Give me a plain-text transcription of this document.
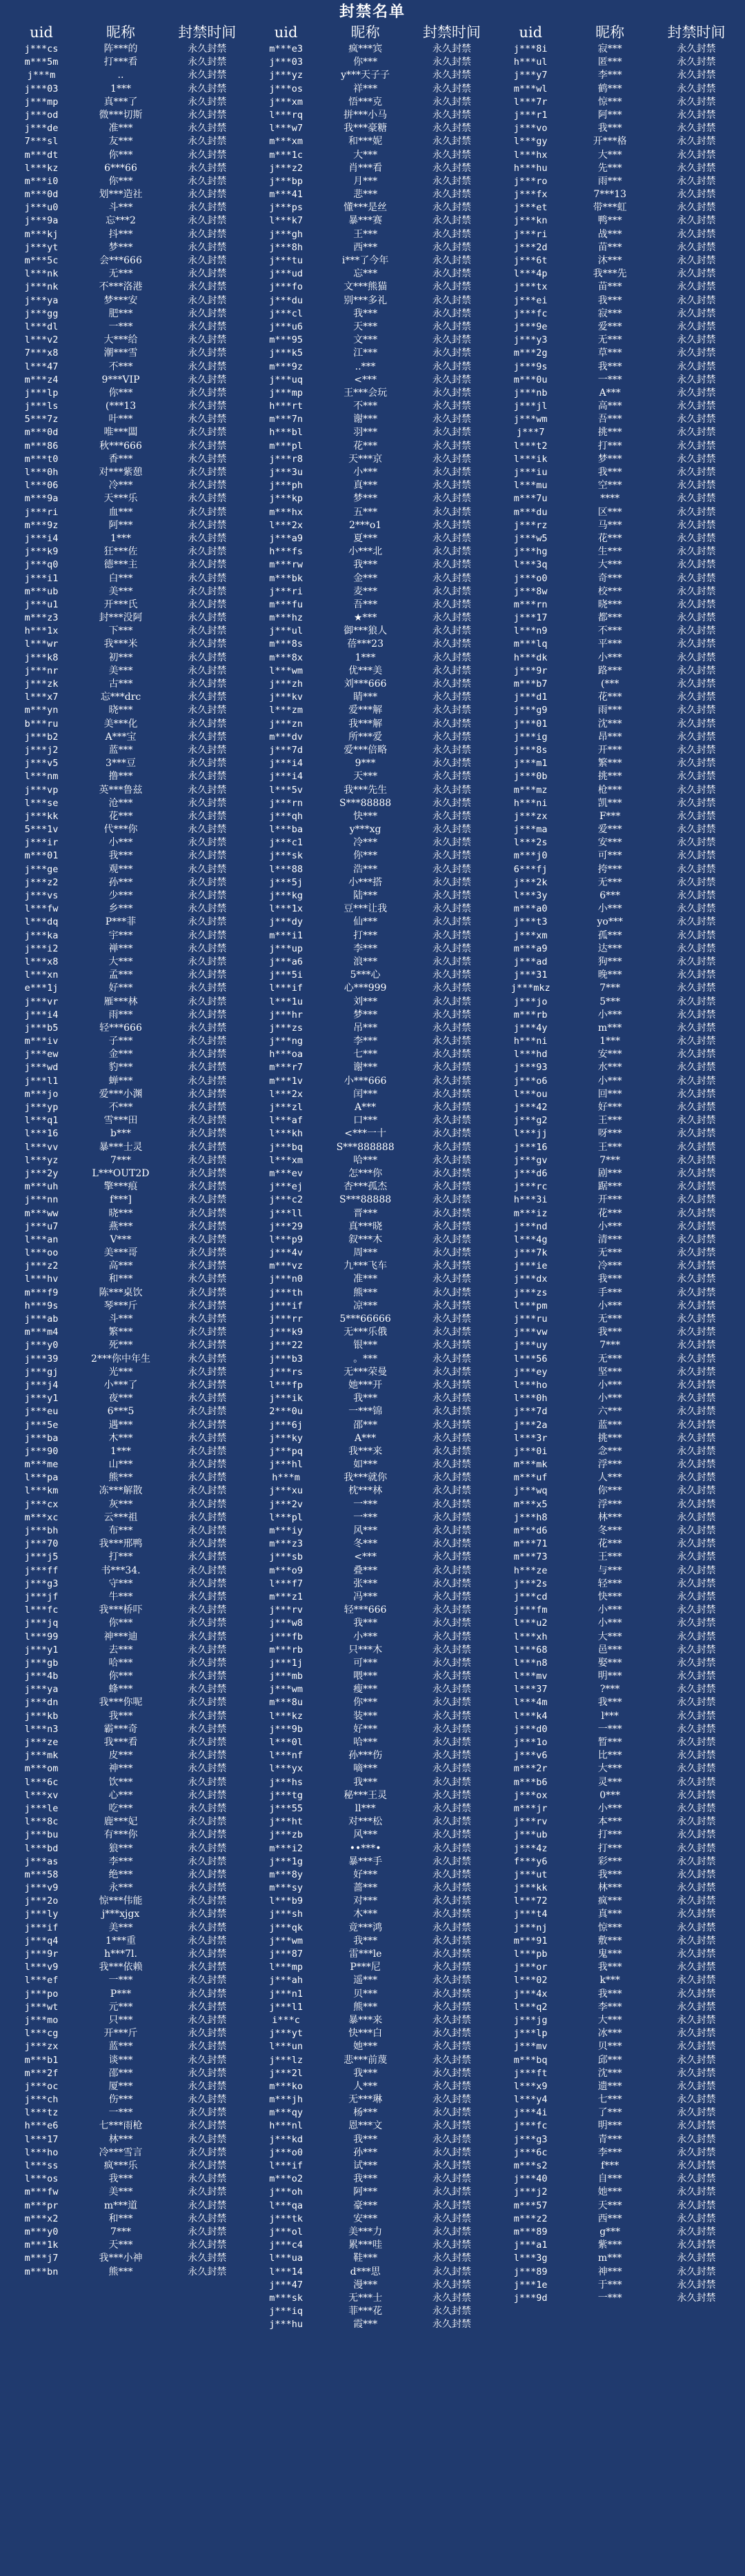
封禁名单
uid	昵称	封禁时间
j***cs	阵***的	永久封禁
m***5m	打***看	永久封禁
j***m	..	永久封禁
j***03	1***	永久封禁
j***mp	真***了	永久封禁
j***od	微***切斯	永久封禁
j***de	准***	永久封禁
7***sl	友***	永久封禁
m***dt	你***	永久封禁
l***kz	6***66	永久封禁
m***i0	你***	永久封禁
m***0d	划***造社	永久封禁
j***u0	斗***	永久封禁
j***9a	忘***2	永久封禁
m***kj	抖***	永久封禁
j***yt	梦***	永久封禁
m***5c	会***666	永久封禁
l***nk	无***	永久封禁
j***nk	不***洛港	永久封禁
j***ya	梦***安	永久封禁
j***gg	肥***	永久封禁
l***dl	一***	永久封禁
l***v2	大***给	永久封禁
7***x8	潮***雪	永久封禁
l***47	不***	永久封禁
m***z4	9***VIP	永久封禁
j***lp	你***	永久封禁
j***ls	(***13	永久封禁
5***7z	叶***	永久封禁
m***0d	唯***闆	永久封禁
m***86	秋***666	永久封禁
m***t0	香***	永久封禁
l***0h	对***紫憩	永久封禁
l***06	冷***	永久封禁
m***9a	天***乐	永久封禁
j***ri	血***	永久封禁
m***9z	阿***	永久封禁
j***i4	1***	永久封禁
j***k9	狂***佐	永久封禁
j***q0	德***主	永久封禁
j***i1	白***	永久封禁
m***ub	美***	永久封禁
j***u1	开***氏	永久封禁
m***z3	封***没阿	永久封禁
h***1x	下***	永久封禁
l***wr	我***米	永久封禁
j***k8	初***	永久封禁
j***nr	美***	永久封禁
j***zk	古***	永久封禁
l***x7	忘***drc	永久封禁
m***yn	晓***	永久封禁
b***ru	美***化	永久封禁
j***b2	A***宝	永久封禁
j***j2	蓝***	永久封禁
j***v5	3***豆	永久封禁
l***nm	撸***	永久封禁
j***vp	英***鲁兹	永久封禁
l***se	沧***	永久封禁
j***kk	花***	永久封禁
5***1v	代***你	永久封禁
j***ir	小***	永久封禁
m***01	我***	永久封禁
j***ge	观***	永久封禁
j***z2	孙***	永久封禁
j***vs	少***	永久封禁
l***fw	乡***	永久封禁
l***dq	P***菲	永久封禁
j***ka	宇***	永久封禁
j***i2	禅***	永久封禁
l***x8	大***	永久封禁
l***xn	孟***	永久封禁
e***1j	好***	永久封禁
j***vr	雁***林	永久封禁
j***i4	雨***	永久封禁
j***b5	轻***666	永久封禁
m***iv	子***	永久封禁
j***ew	金***	永久封禁
j***wd	豹***	永久封禁
j***l1	蝉***	永久封禁
m***jo	爱***小渊	永久封禁
j***yp	不***	永久封禁
l***q1	雪***田	永久封禁
l***16	b***	永久封禁
l***vv	暴***士灵	永久封禁
l***yz	7***	永久封禁
j***2y	L***OUT2D	永久封禁
m***uh	擎***痕	永久封禁
j***nn	f***]	永久封禁
m***ww	晓***	永久封禁
j***u7	燕***	永久封禁
l***an	V***	永久封禁
l***oo	美***哥	永久封禁
j***z2	高***	永久封禁
l***hv	和***	永久封禁
m***f9	陈***桌饮	永久封禁
h***9s	琴***斤	永久封禁
j***ab	斗***	永久封禁
m***m4	繁***	永久封禁
j***y0	死***	永久封禁
j***39	2***你中年生	永久封禁
j***gj	光***	永久封禁
j***j4	小***了	永久封禁
j***y1	夜***	永久封禁
j***eu	6***5	永久封禁
j***5e	遇***	永久封禁
j***ba	木***	永久封禁
j***90	1***	永久封禁
m***me	山***	永久封禁
l***pa	熊***	永久封禁
l***km	冻***解散	永久封禁
j***cx	灰***	永久封禁
m***xc	云***祖	永久封禁
j***bh	布***	永久封禁
j***70	我***邢鸭	永久封禁
j***j5	打***	永久封禁
j***ff	书***34.	永久封禁
j***g3	守***	永久封禁
j***jf	牛***	永久封禁
l***fc	我***桥吓	永久封禁
j***jq	你***	永久封禁
l***99	神***迪	永久封禁
j***y1	去***	永久封禁
j***gb	哈***	永久封禁
j***4b	你***	永久封禁
j***ya	蜂***	永久封禁
j***dn	我***你呢	永久封禁
j***kb	我***	永久封禁
l***n3	霸***奇	永久封禁
j***ze	我***看	永久封禁
j***mk	皮***	永久封禁
m***om	神***	永久封禁
l***6c	饮***	永久封禁
l***xv	心***	永久封禁
j***le	吃***	永久封禁
l***8c	鹿***妃	永久封禁
j***bu	有***你	永久封禁
l***bd	狼***	永久封禁
j***as	李***	永久封禁
m***58	绝***	永久封禁
j***v9	永***	永久封禁
j***2o	惊***伟能	永久封禁
j***ly	j***xjgx	永久封禁
j***if	美***	永久封禁
j***q4	1***重	永久封禁
j***9r	h***7l.	永久封禁
l***v9	我***依赖	永久封禁
l***ef	一***	永久封禁
j***po	P***	永久封禁
j***wt	元***	永久封禁
j***mo	只***	永久封禁
l***cg	开***斤	永久封禁
j***zx	蓝***	永久封禁
m***b1	谈***	永久封禁
m***2f	邵***	永久封禁
j***oc	厦***	永久封禁
j***ch	伤***	永久封禁
l***tz	一***	永久封禁
h***e6	七***雨枪	永久封禁
l***17	林***	永久封禁
l***ho	冷***雪言	永久封禁
l***ss	疯***乐	永久封禁
l***os	我***	永久封禁
m***fw	美***	永久封禁
m***pr	m***道	永久封禁
m***x2	和***	永久封禁
m***y0	7***	永久封禁
m***1k	天***	永久封禁
m***j7	我***小神	永久封禁
m***bn	熊***	永久封禁
uid	昵称	封禁时间
m***e3	疯***宾	永久封禁
j***03	你***	永久封禁
j***yz	y***天子子	永久封禁
j***os	祥***	永久封禁
j***xm	悟***克	永久封禁
l***rq	拼***小马	永久封禁
l***w7	我***豪糖	永久封禁
m***xm	和***妮	永久封禁
m***1c	大***	永久封禁
j***z2	肖***看	永久封禁
j***bp	月***	永久封禁
m***41	悲***	永久封禁
j***ps	懂***是丝	永久封禁
l***k7	暴***赛	永久封禁
j***gh	王***	永久封禁
j***8h	西***	永久封禁
j***tu	i***了今年	永久封禁
j***ud	忘***	永久封禁
j***fo	文***熊猫	永久封禁
j***du	别***多礼	永久封禁
j***cl	我***	永久封禁
j***u6	天***	永久封禁
m***95	文***	永久封禁
j***k5	江***	永久封禁
m***9z	..***	永久封禁
j***uq	<***	永久封禁
j***mp	王***会玩	永久封禁
h***rt	不***	永久封禁
m***7n	谢***	永久封禁
h***bl	羽***	永久封禁
m***pl	花***	永久封禁
j***r8	天***京	永久封禁
j***3u	小***	永久封禁
j***ph	真***	永久封禁
j***kp	梦***	永久封禁
m***hx	五***	永久封禁
l***2x	2***o1	永久封禁
j***a9	夏***	永久封禁
h***fs	小***北	永久封禁
m***rw	我***	永久封禁
m***bk	金***	永久封禁
j***ri	麦***	永久封禁
m***fu	吾***	永久封禁
m***hz	★***	永久封禁
j***ul	御***狼人	永久封禁
m***8s	蓓***23	永久封禁
m***8x	1***	永久封禁
l***wm	优***美	永久封禁
j***zh	刘***666	永久封禁
j***kv	睛***	永久封禁
l***zm	爱***解	永久封禁
j***zn	我***解	永久封禁
m***dv	所***爱	永久封禁
j***7d	爱***倍略	永久封禁
j***i4	9***	永久封禁
j***i4	天***	永久封禁
l***5v	我***先生	永久封禁
j***rn	S***88888	永久封禁
j***qh	快***	永久封禁
l***ba	y***xg	永久封禁
j***c1	冷***	永久封禁
j***sk	你***	永久封禁
l***88	浩***	永久封禁
j***5j	小***搭	永久封禁
j***kg	陆***	永久封禁
l***1x	豆***让我	永久封禁
j***dy	仙***	永久封禁
m***i1	打***	永久封禁
j***up	李***	永久封禁
j***a6	浪***	永久封禁
j***5i	5***心	永久封禁
l***if	心***999	永久封禁
l***1u	刘***	永久封禁
j***hr	梦***	永久封禁
j***zs	吊***	永久封禁
j***ng	李***	永久封禁
h***oa	七***	永久封禁
m***r7	谢***	永久封禁
m***1v	小***666	永久封禁
l***2x	闰***	永久封禁
j***zl	A***	永久封禁
l***af	口***	永久封禁
l***kh	<***一十	永久封禁
j***bq	S***888888	永久封禁
l***xm	哈***	永久封禁
m***ev	怎***你	永久封禁
j***ej	杏***孤杰	永久封禁
j***c2	S***88888	永久封禁
j***ll	晋***	永久封禁
j***29	真***晓	永久封禁
l***p9	叙***木	永久封禁
j***4v	周***	永久封禁
m***vz	九***飞车	永久封禁
j***n0	准***	永久封禁
j***th	熊***	永久封禁
j***if	凉***	永久封禁
j***rr	5***66666	永久封禁
j***k9	无***乐俄	永久封禁
j***22	银***	永久封禁
j***b3	。***	永久封禁
j***rs	无***荣曼	永久封禁
l***fp	她***开	永久封禁
j***ik	我***	永久封禁
2***0u	一***锦	永久封禁
j***6j	邵***	永久封禁
j***ky	A***	永久封禁
j***pq	我***来	永久封禁
j***hl	如***	永久封禁
h***m	我***就你	永久封禁
j***xu	枕***林	永久封禁
j***2v	一***	永久封禁
l***pl	一***	永久封禁
m***iy	风***	永久封禁
m***z3	冬***	永久封禁
j***sb	<***	永久封禁
m***o9	叠***	永久封禁
l***f7	张***	永久封禁
m***z1	冯***	永久封禁
j***rv	轻***666	永久封禁
j***w8	我***	永久封禁
j***fb	小***	永久封禁
m***rb	只***木	永久封禁
j***1j	可***	永久封禁
j***mb	喂***	永久封禁
j***wm	瘦***	永久封禁
m***8u	你***	永久封禁
l***kz	装***	永久封禁
j***9b	好***	永久封禁
l***0l	哈***	永久封禁
l***nf	孙***伤	永久封禁
l***yx	嘀***	永久封禁
j***hs	我***	永久封禁
j***tg	秘***王灵	永久封禁
j***55	ll***	永久封禁
j***ht	对***松	永久封禁
j***zb	风***	永久封禁
m***i2	••***•	永久封禁
j***1g	暴***手	永久封禁
m***8y	好***	永久封禁
m***sy	蔷***	永久封禁
l***b9	对***	永久封禁
j***sh	木***	永久封禁
j***qk	竟***鸿	永久封禁
j***wm	我***	永久封禁
j***87	雷***le	永久封禁
l***mp	P***尼	永久封禁
j***ah	遥***	永久封禁
j***n1	贝***	永久封禁
j***l1	熊***	永久封禁
i***c	暴***来	永久封禁
j***yt	快***白	永久封禁
l***un	她***	永久封禁
j***lz	悲***前蔑	永久封禁
j***2l	我***	永久封禁
m***ko	人***	永久封禁
m***jh	无***琳	永久封禁
m***qy	杨***	永久封禁
h***nl	恩***文	永久封禁
j***kd	我***	永久封禁
j***o0	孙***	永久封禁
l***if	试***	永久封禁
m***o2	我***	永久封禁
j***oh	阿***	永久封禁
l***qa	豪***	永久封禁
j***tk	安***	永久封禁
j***ol	美***力	永久封禁
j***c4	累***哇	永久封禁
l***ua	鞋***	永久封禁
l***14	d***思	永久封禁
j***47	漫***	永久封禁
m***sk	无***士	永久封禁
j***iq	菲***花	永久封禁
j***hu	霞***	永久封禁
uid	昵称	封禁时间
j***8i	寂***	永久封禁
h***ul	匿***	永久封禁
j***y7	李***	永久封禁
m***wl	鹤***	永久封禁
l***7r	惊***	永久封禁
j***r1	阿***	永久封禁
j***vo	我***	永久封禁
l***gy	开***格	永久封禁
l***hx	大***	永久封禁
h***hu	先***	永久封禁
j***ro	雨***	永久封禁
j***fx	7***13	永久封禁
j***et	带***虹	永久封禁
j***kn	鸭***	永久封禁
j***ri	战***	永久封禁
j***2d	苗***	永久封禁
j***6t	沐***	永久封禁
l***4p	我***先	永久封禁
j***tx	苗***	永久封禁
j***ei	我***	永久封禁
j***fc	寂***	永久封禁
j***9e	爱***	永久封禁
j***y3	无***	永久封禁
m***2g	草***	永久封禁
j***9s	我***	永久封禁
m***0u	一***	永久封禁
j***nb	A***	永久封禁
j***jl	高***	永久封禁
j***wm	吾***	永久封禁
j***7	挑***	永久封禁
l***t2	打***	永久封禁
l***ik	梦***	永久封禁
j***iu	我***	永久封禁
l***mu	空***	永久封禁
m***7u	****	永久封禁
m***du	区***	永久封禁
j***rz	马***	永久封禁
j***w5	花***	永久封禁
j***hg	生***	永久封禁
l***3q	大***	永久封禁
j***o0	奇***	永久封禁
j***8w	校***	永久封禁
m***rn	晓***	永久封禁
j***17	都***	永久封禁
l***n9	不***	永久封禁
m***lq	平***	永久封禁
h***dk	小***	永久封禁
j***9r	路***	永久封禁
m***b7	(***	永久封禁
j***d1	花***	永久封禁
j***g9	雨***	永久封禁
j***01	沈***	永久封禁
j***ig	昂***	永久封禁
j***8s	开***	永久封禁
j***m1	繁***	永久封禁
j***0b	挑***	永久封禁
m***mz	枪***	永久封禁
h***ni	凯***	永久封禁
j***zx	F***	永久封禁
j***ma	爱***	永久封禁
l***2s	安***	永久封禁
m***j0	可***	永久封禁
6***fj	挎***	永久封禁
j***2k	无***	永久封禁
l***3y	6***	永久封禁
m***a0	小***	永久封禁
j***t3	yo***	永久封禁
j***xm	孤***	永久封禁
m***a9	达***	永久封禁
j***ad	狗***	永久封禁
j***31	晚***	永久封禁
j***mkz	7***	永久封禁
j***jo	5***	永久封禁
m***rb	小***	永久封禁
j***4y	m***	永久封禁
h***ni	1***	永久封禁
l***hd	安***	永久封禁
j***93	水***	永久封禁
j***o6	小***	永久封禁
l***ou	回***	永久封禁
j***42	好***	永久封禁
j***g2	王***	永久封禁
l***jj	呀***	永久封禁
j***16	王***	永久封禁
j***gv	7***	永久封禁
j***d6	剧***	永久封禁
j***rc	踞***	永久封禁
h***3i	开***	永久封禁
m***iz	花***	永久封禁
j***nd	小***	永久封禁
l***4g	清***	永久封禁
j***7k	无***	永久封禁
j***ie	冷***	永久封禁
j***dx	我***	永久封禁
j***zs	手***	永久封禁
l***pm	小***	永久封禁
j***ru	无***	永久封禁
j***vw	我***	永久封禁
j***uy	7***	永久封禁
l***56	无***	永久封禁
j***ey	坚***	永久封禁
l***ho	小***	永久封禁
l***0h	小***	永久封禁
j***7d	六***	永久封禁
j***2a	蓝***	永久封禁
l***3r	挑***	永久封禁
j***0i	念***	永久封禁
m***mk	浮***	永久封禁
m***uf	人***	永久封禁
j***wq	你***	永久封禁
m***x5	浮***	永久封禁
j***h8	林***	永久封禁
m***d6	冬***	永久封禁
m***71	花***	永久封禁
m***73	王***	永久封禁
h***ze	与***	永久封禁
j***2s	轻***	永久封禁
j***cd	快***	永久封禁
j***fm	小***	永久封禁
l***u2	小***	永久封禁
l***xh	大***	永久封禁
l***68	邑***	永久封禁
l***n8	娶***	永久封禁
l***mv	明***	永久封禁
l***37	?***	永久封禁
l***4m	我***	永久封禁
l***k4	l***	永久封禁
j***d0	一***	永久封禁
j***1o	暂***	永久封禁
j***v6	比***	永久封禁
m***2r	大***	永久封禁
m***b6	灵***	永久封禁
j***ox	0***	永久封禁
m***jr	小***	永久封禁
j***rv	本***	永久封禁
j***ub	打***	永久封禁
j***4z	打***	永久封禁
f***y6	彩***	永久封禁
j***ut	我***	永久封禁
j***kk	林***	永久封禁
l***72	疯***	永久封禁
j***t4	真***	永久封禁
j***nj	惊***	永久封禁
m***91	敷***	永久封禁
l***pb	鬼***	永久封禁
j***or	我***	永久封禁
l***02	k***	永久封禁
j***4x	我***	永久封禁
l***q2	李***	永久封禁
j***jg	大***	永久封禁
j***lp	冰***	永久封禁
j***mv	贝***	永久封禁
m***bq	邱***	永久封禁
j***ft	沈***	永久封禁
l***x9	遗***	永久封禁
l***y4	七***	永久封禁
j***4i	了***	永久封禁
j***fc	明***	永久封禁
j***g3	青***	永久封禁
j***6c	李***	永久封禁
m***s2	f***	永久封禁
j***40	自***	永久封禁
j***j2	她***	永久封禁
m***57	天***	永久封禁
m***z2	西***	永久封禁
m***89	g***	永久封禁
j***a1	紫***	永久封禁
l***3g	m***	永久封禁
j***89	神***	永久封禁
j***1e	于***	永久封禁
j***9d	一***	永久封禁
